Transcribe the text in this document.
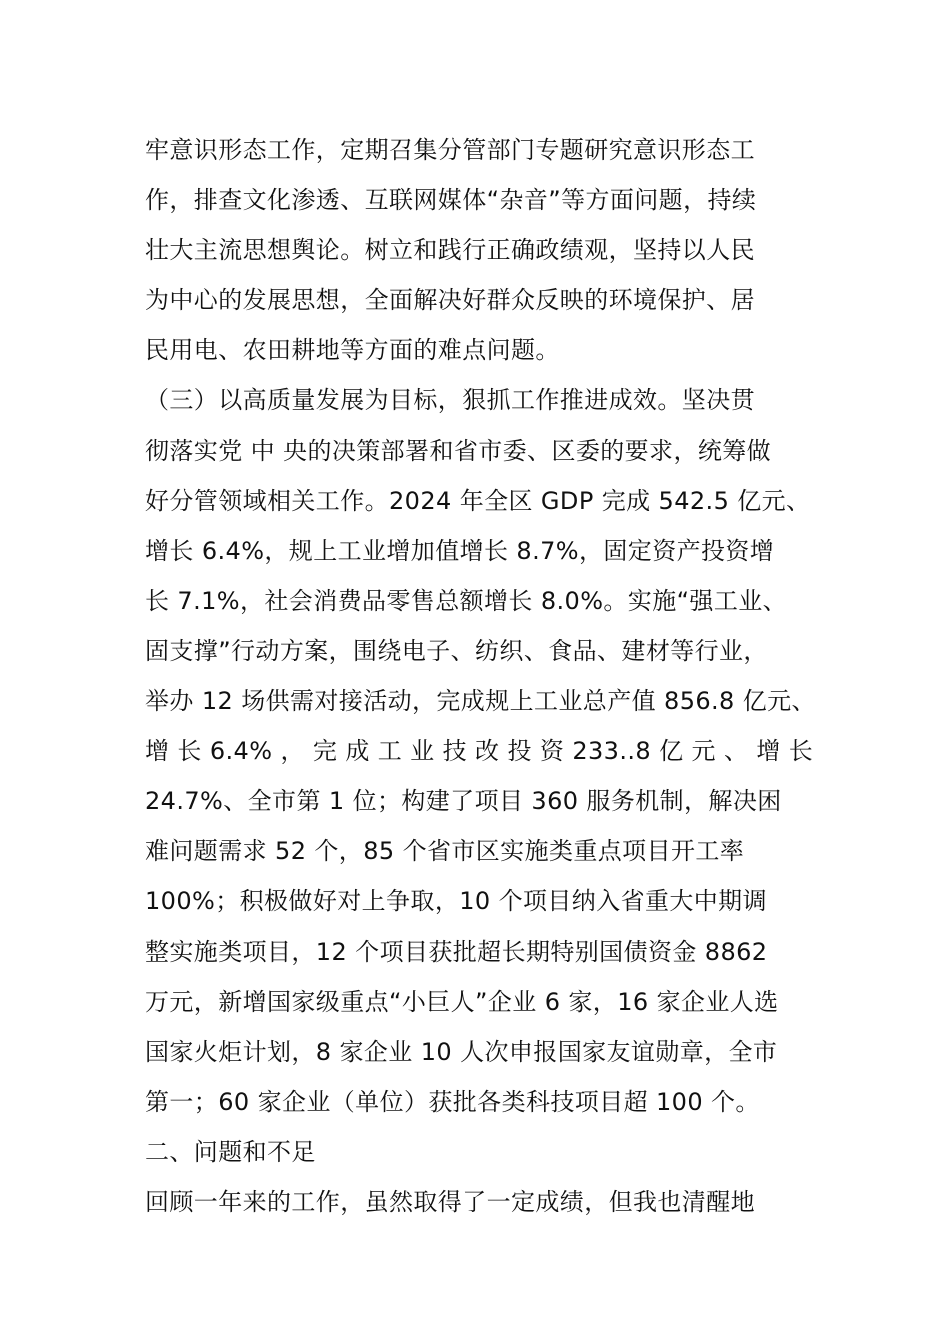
牢意识形态工作，定期召集分管部门专题研究意识形态工
作，排查文化渗透、互联网媒体“杂音”等方面问题，持续
壮大主流思想舆论。树立和践行正确政绩观，坚持以人民
为中心的发展思想，全面解决好群众反映的环境保护、居
民用电、农田耕地等方面的难点问题。
（三）以高质量发展为目标，狠抓工作推进成效。坚决贯
彻落实党 中 央的决策部署和省市委、区委的要求，统筹做
好分管领域相关工作。2024 年全区 GDP 完成 542.5 亿元、
增长 6.4%，规上工业增加值增长 8.7%，固定资产投资增
长 7.1%，社会消费品零售总额增长 8.0%。实施“强工业、
固支撑”行动方案，围绕电子、纺织、食品、建材等行业，
举办 12 场供需对接活动，完成规上工业总产值 856.8 亿元、
增 长 6.4% ， 完 成 工 业 技 改 投 资 233..8 亿 元 、 增 长
24.7%、全市第 1 位；构建了项目 360 服务机制，解决困
难问题需求 52 个，85 个省市区实施类重点项目开工率
100%；积极做好对上争取，10 个项目纳入省重大中期调
整实施类项目，12 个项目获批超长期特别国债资金 8862
万元，新增国家级重点“小巨人”企业 6 家，16 家企业人选
国家火炬计划，8 家企业 10 人次申报国家友谊勋章，全市
第一；60 家企业（单位）获批各类科技项目超 100 个。
二、问题和不足
回顾一年来的工作，虽然取得了一定成绩，但我也清醒地
